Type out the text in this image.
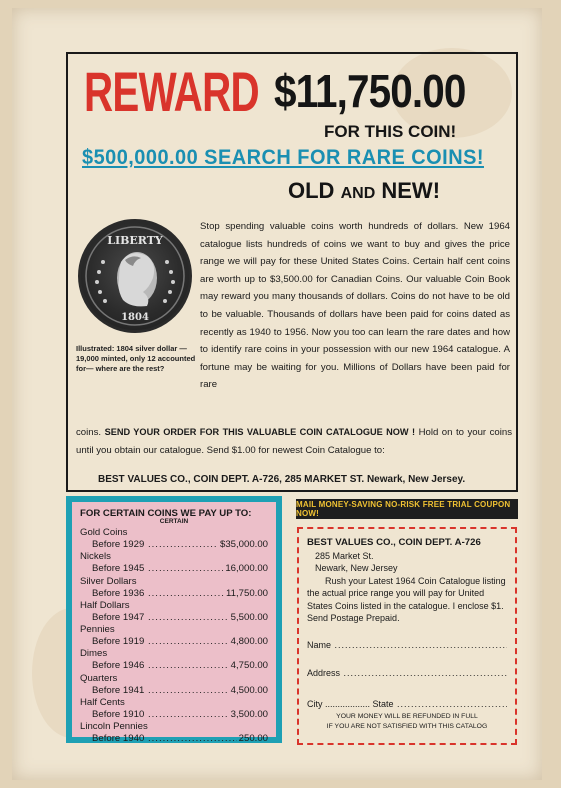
REWARD $11,750.00
FOR THIS COIN!
$500,000.00 SEARCH FOR RARE COINS!
OLD AND NEW!
LIBERTY
1804
Illustrated: 1804 silver dollar — 19,000 minted, only 12 accounted for— where are the rest?
Stop spending valuable coins worth hundreds of dollars. New 1964 catalogue lists hundreds of coins we want to buy and gives the price range we will pay for these United States Coins. Certain half cent coins are worth up to $3,500.00 for Canadian Coins. Our valuable Coin Book may reward you many thousands of dollars. Coins do not have to be old to be valuable. Thousands of dollars have been paid for coins dated as recently as 1940 to 1956. Now you too can learn the rare dates and how to identify rare coins in your possession with our new 1964 catalogue. A fortune may be waiting for you. Millions of Dollars have been paid for rare
coins. SEND YOUR ORDER FOR THIS VALUABLE COIN CATALOGUE NOW ! Hold on to your coins until you obtain our catalogue. Send $1.00 for newest Coin Catalogue to:
BEST VALUES CO., COIN DEPT. A-726, 285 MARKET ST. Newark, New Jersey.
MAIL MONEY-SAVING NO-RISK FREE TRIAL COUPON NOW!
FOR CERTAIN COINS WE PAY UP TO:
CERTAIN
Gold Coins
Before 1929 .....	$35,000.00
Nickels
Before 1945 .....	16,000.00
Silver Dollars
Before 1936 .....	11,750.00
Half Dollars
Before 1947 .....	5,500.00
Pennies
Before 1919 .....	4,800.00
Dimes
Before 1946 .....	4,750.00
Quarters
Before 1941 .....	4,500.00
Half Cents
Before 1910 .....	3,500.00
Lincoln Pennies
Before 1940 .....	250.00
BEST VALUES CO., COIN DEPT. A-726
285 Market St.
Newark, New Jersey
Rush your Latest 1964 Coin Catalogue listing the actual price range you will pay for United States Coins listed in the catalogue. I enclose $1. Send Postage Prepaid.
Name .....
Address .....
City .................. State .....
YOUR MONEY WILL BE REFUNDED IN FULL
IF YOU ARE NOT SATISFIED WITH THIS CATALOG
